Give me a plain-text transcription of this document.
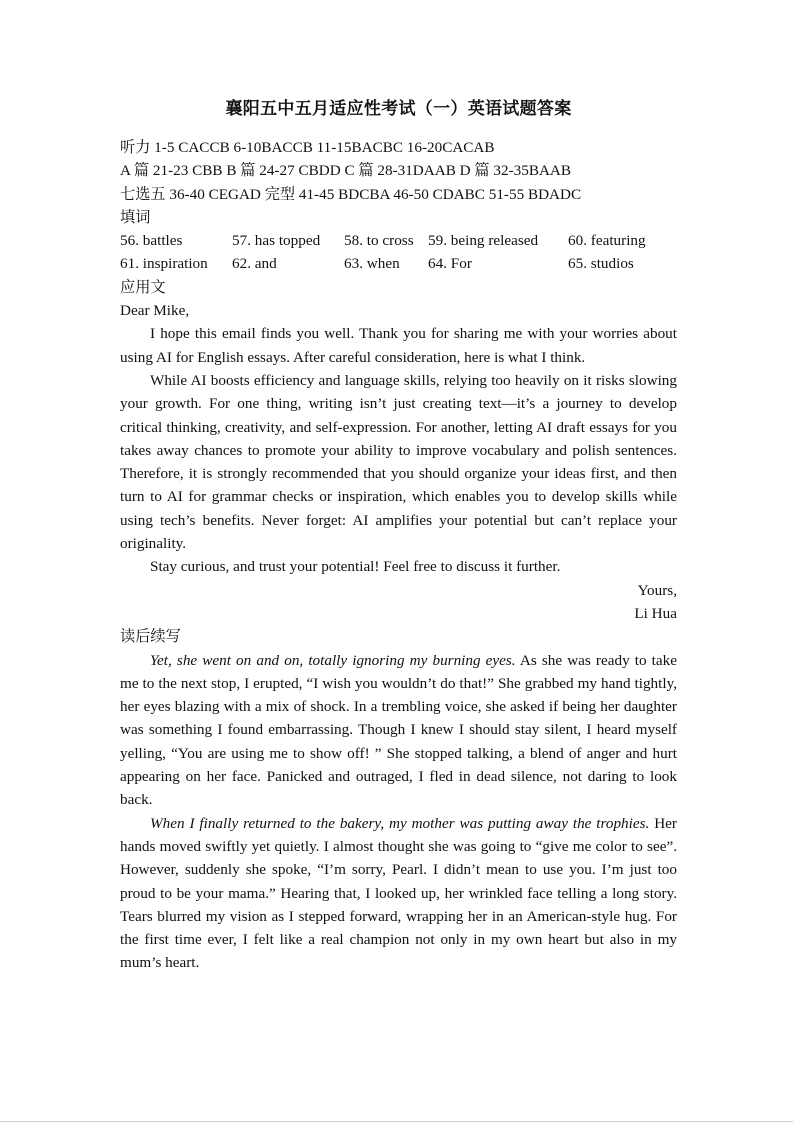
襄阳五中五月适应性考试（一）英语试题答案
听力 1-5 CACCB 6-10BACCB 11-15BACBC 16-20CACAB
A 篇 21-23 CBB B 篇 24-27 CBDD C 篇 28-31DAAB D 篇 32-35BAAB
七选五 36-40 CEGAD 完型 41-45 BDCBA 46-50 CDABC 51-55 BDADC
填词
56. battles	57. has topped	58. to cross 59. being released	60. featuring
61. inspiration	62. and	63. when	64. For	65. studios
应用文
Dear Mike,

I hope this email finds you well. Thank you for sharing me with your worries about using AI for English essays. After careful consideration, here is what I think.

While AI boosts efficiency and language skills, relying too heavily on it risks slowing your growth. For one thing, writing isn’t just creating text—it’s a journey to develop critical thinking, creativity, and self-expression. For another, letting AI draft essays for you takes away chances to promote your ability to improve vocabulary and polish sentences. Therefore, it is strongly recommended that you should organize your ideas first, and then turn to AI for grammar checks or inspiration, which enables you to develop skills while using tech’s benefits. Never forget: AI amplifies your potential but can’t replace your originality.

Stay curious, and trust your potential! Feel free to discuss it further.

Yours,
Li Hua
读后续写

Yet, she went on and on, totally ignoring my burning eyes. As she was ready to take me to the next stop, I erupted, “I wish you wouldn’t do that!” She grabbed my hand tightly, her eyes blazing with a mix of shock. In a trembling voice, she asked if being her daughter was something I found embarrassing. Though I knew I should stay silent, I heard myself yelling, “You are using me to show off! ” She stopped talking, a blend of anger and hurt appearing on her face. Panicked and outraged, I fled in dead silence, not daring to look back.

When I finally returned to the bakery, my mother was putting away the trophies. Her hands moved swiftly yet quietly. I almost thought she was going to “give me color to see”. However, suddenly she spoke, “I’m sorry, Pearl. I didn’t mean to use you. I’m just too proud to be your mama.” Hearing that, I looked up, her wrinkled face telling a long story. Tears blurred my vision as I stepped forward, wrapping her in an American-style hug. For the first time ever, I felt like a real champion not only in my own heart but also in my mum’s heart.
